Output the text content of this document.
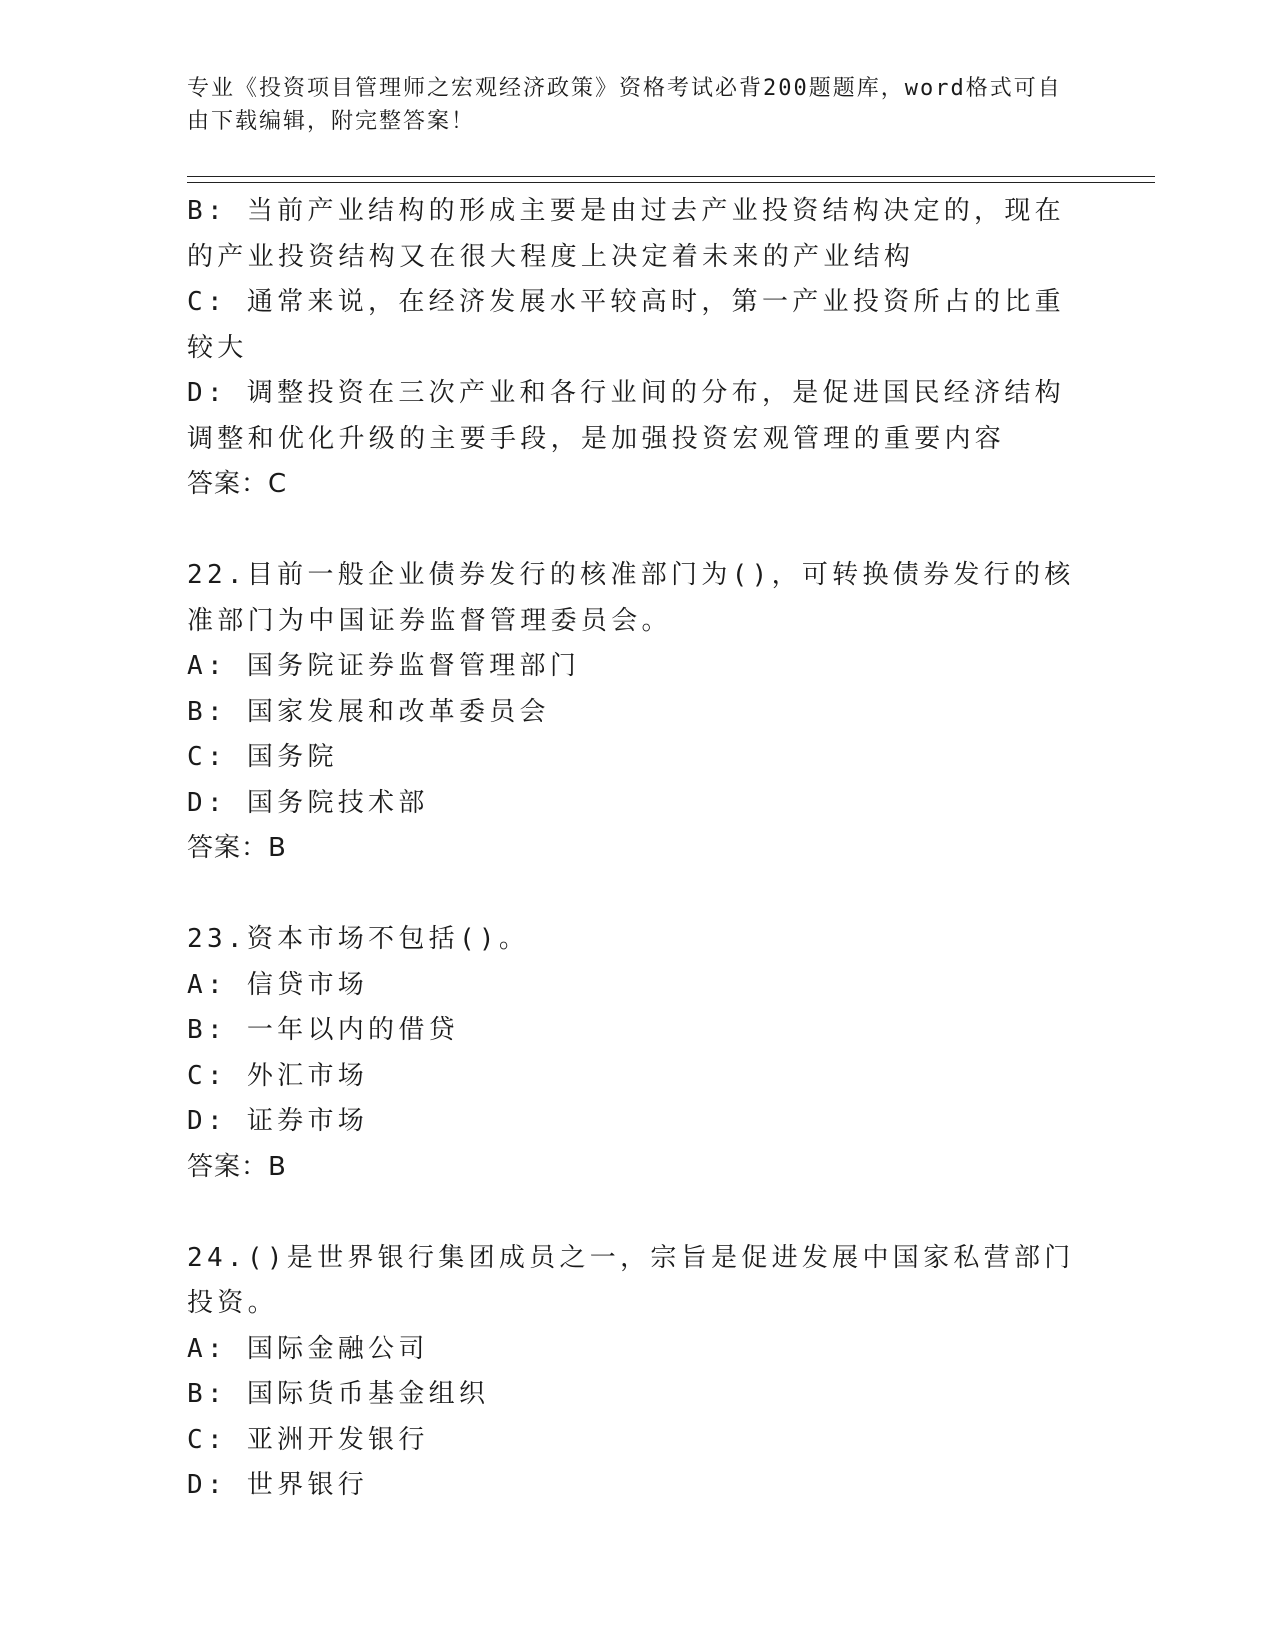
专业《投资项目管理师之宏观经济政策》资格考试必背200题题库，word格式可自由下载编辑，附完整答案！
B: 当前产业结构的形成主要是由过去产业投资结构决定的，现在的产业投资结构又在很大程度上决定着未来的产业结构
C: 通常来说，在经济发展水平较高时，第一产业投资所占的比重较大
D: 调整投资在三次产业和各行业间的分布，是促进国民经济结构调整和优化升级的主要手段，是加强投资宏观管理的重要内容
答案：C
22.目前一般企业债券发行的核准部门为()，可转换债券发行的核准部门为中国证券监督管理委员会。
A: 国务院证券监督管理部门
B: 国家发展和改革委员会
C: 国务院
D: 国务院技术部
答案：B
23.资本市场不包括()。
A: 信贷市场
B: 一年以内的借贷
C: 外汇市场
D: 证券市场
答案：B
24.()是世界银行集团成员之一，宗旨是促进发展中国家私营部门投资。
A: 国际金融公司
B: 国际货币基金组织
C: 亚洲开发银行
D: 世界银行
